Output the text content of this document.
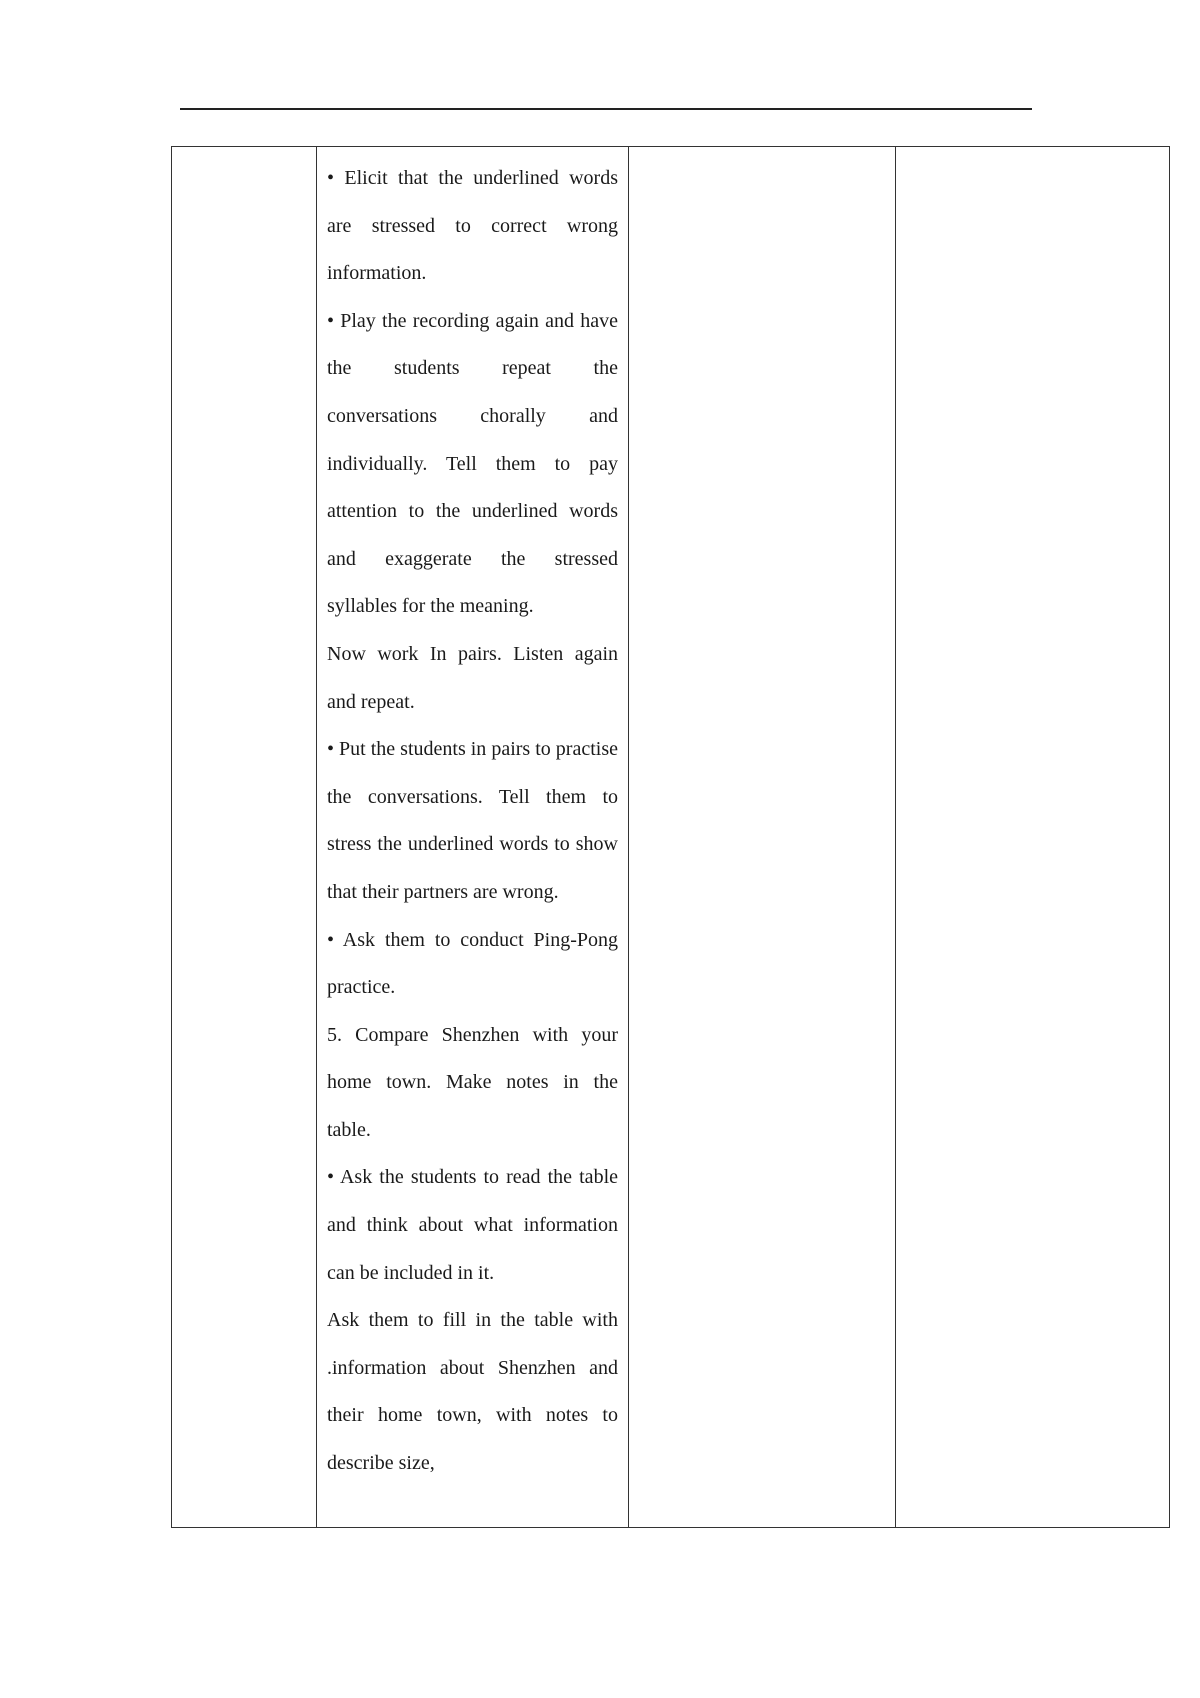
• Elicit that the underlined words are stressed to correct wrong information.

• Play the recording again and have the students repeat the conversations chorally and individually. Tell them to pay attention to the underlined words and exaggerate the stressed syllables for the meaning.

Now work In pairs. Listen again and repeat.

• Put the students in pairs to practise the conversations. Tell them to stress the underlined words to show that their partners are wrong.

• Ask them to conduct Ping-Pong practice.

5. Compare Shenzhen with your home town. Make notes in the table.

• Ask the students to read the table and think about what information can be included in it.

Ask them to fill in the table with .information about Shenzhen and their home town, with notes to describe size,
